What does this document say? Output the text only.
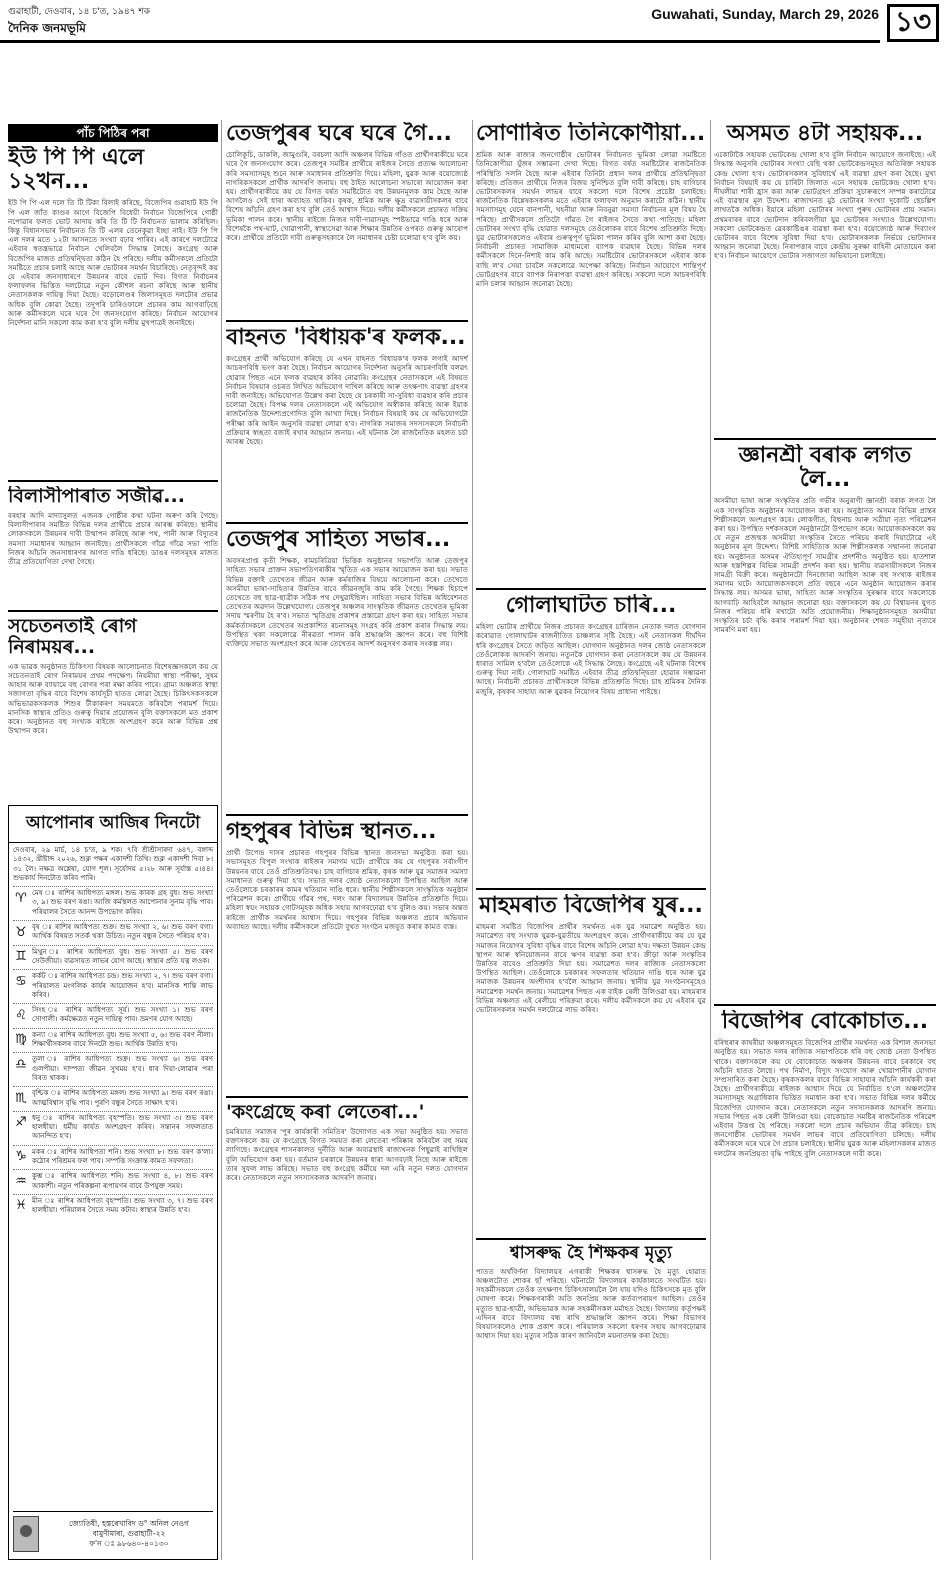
গুৱাহাটী, দেওবাৰ, ১৪ চ'ত, ১৯৪৭ শক
দৈনিক জনমভূমি
Guwahati, Sunday, March 29, 2026 ১৩
পাঁচ পিঠিৰ পৰা
ইউ পি পি এলে ১২খন...
ইউ পি পি এল দলে তি টি টিকা বিলাই কৰিছে, বিজেপিৰ গুৱাহাট ইউ পি পি এল জাঁত কাণ্ডৰ আগে বিজেপি বিধেয়ী নিৰ্বাচন বিজেপিৰে গোষ্ঠী নপোৱাৰ ফলত ভোট আদায় কৰি তি টি টি নিৰ্বাচনত ভালাম কৰিছিল। কিন্তু বিধানসভাৰ নিৰ্বাচনত তি টি এলৰ তেনেকুৱা ইচ্ছা নাই। ইউ পি পি এল দলৰ মতে ১২টা আসনতে সংখ্যা বঢ়াব পাৰিব। এই কাৰণে দলটোৱে এইবাৰ স্বতন্ত্ৰভাৱে নিৰ্বাচন খেলিবলৈ সিদ্ধান্ত লৈছে। কংগ্ৰেছ আৰু বিজেপিৰ মাজত প্ৰতিদ্বন্দ্বিতা কঠিন হৈ পৰিছে। দলীয় কৰ্মীসকলে প্ৰতিটো সমষ্টিতে প্ৰচাৰ চলাই আছে আৰু ভোটাৰৰ সমৰ্থন বিচাৰিছে। নেতৃবৃন্দই কয় যে এইবাৰ জনসাধাৰণে উন্নয়নৰ বাবে ভোট দিব। বিগত নিৰ্বাচনৰ ফলাফলৰ ভিত্তিত দলটোৱে নতুন কৌশল ৰচনা কৰিছে আৰু স্থানীয় নেতাসকলক দায়িত্ব দিয়া হৈছে। বড়োলেণ্ডৰ জিলাসমূহত দলটোৰ প্ৰভাৱ অধিক বুলি কোৱা হৈছে। তদুপৰি চাৰিওফালে প্ৰচাৰৰ কাম আগবাঢ়িছে আৰু কৰ্মীসকলে ঘৰে ঘৰে গৈ জনসংযোগ কৰিছে। নিৰ্বাচন আয়োগৰ নিৰ্দেশনা মানি সকলো কাম কৰা হ'ব বুলি দলীয় মুখপাত্ৰই জনাইছে।
বিলাসীপাৰাত সজীৱ...
বৰহাৰ আদি মাদ্যাসুলত এজনক গোষ্ঠীৰ কথা ঘটনা অৰুণ কৰি গৈছে। বিলাসীপাৰাৰ সমষ্টিত বিভিন্ন দলৰ প্ৰাৰ্থীয়ে প্ৰচাৰ আৰম্ভ কৰিছে। স্থানীয় লোকসকলে উন্নয়নৰ দাবী উত্থাপন কৰিছে আৰু পথ, পানী আৰু বিদ্যুতৰ সমস্যা সমাধানৰ আহ্বান জনাইছে। প্ৰাৰ্থীসকলে গাঁৱে গাঁৱে সভা পাতি নিজৰ আঁচনি জনসাধাৰণৰ আগত দাঙি ধৰিছে। ডাঙৰ দলসমূহৰ মাজত তীব্ৰ প্ৰতিযোগিতা দেখা গৈছে।
সচেতনতাই ৰোগ নিৰাময়ৰ...
এক ভাৱক অনুষ্ঠানত চিকিৎসা বিষয়ক আলোচনাত বিশেষজ্ঞসকলে কয় যে সচেতনতাই ৰোগ নিৰাময়ৰ প্ৰথম পদক্ষেপ। নিয়মীয়া স্বাস্থ্য পৰীক্ষা, সুষম আহাৰ আৰু ব্যায়ামে বহু ৰোগৰ পৰা ৰক্ষা কৰিব পাৰে। গ্ৰাম্য অঞ্চলত স্বাস্থ্য সজাগতা বৃদ্ধিৰ বাবে বিশেষ কাৰ্যসূচী হাতত লোৱা হৈছে। চিকিৎসকসকলে অভিভাৱকসকলক শিশুৰ টীকাকৰণ সময়মতে কৰিবলৈ পৰামৰ্শ দিয়ে। মানসিক স্বাস্থ্যৰ প্ৰতিও গুৰুত্ব দিয়াৰ প্ৰয়োজন বুলি বক্তাসকলে মত প্ৰকাশ কৰে। অনুষ্ঠানত বহু সংখ্যক ৰাইজে অংশগ্ৰহণ কৰে আৰু বিভিন্ন প্ৰশ্ন উত্থাপন কৰে।
আপোনাৰ আজিৰ দিনটো
দেওবাৰ, ২৯ মাৰ্চ, ১৪ চ'ত, ৯ শক। ৭বি শ্ৰীশ্ৰীসাৰদা ৬৪৭, বঙ্গাব্দ ১৪৩২, খ্ৰীষ্টাব্দ ২০২৬, শুক্ল পক্ষৰ একাদশী তিথি। শুক্ল একাদশী দিবা ৮।৩১ লৈ। নক্ষত্ৰ অশ্লেষা, যোগ শূল। সূৰ্যোদয় ৫।২৮ আৰু সূৰ্যাস্ত ৫।৪৪। শুভকাৰ্য দিনটোত কৰিব পাৰি।
♈ মেষ ঃ ৰাশিৰ আধিপত্য মঙ্গল। শুভ কাৰক গ্ৰহ বুধ। শুভ সংখ্যা ৩, ৯। শুভ বৰণ ৰঙা। আজি কৰ্মস্থলত আপোনাৰ সুনাম বৃদ্ধি পাব। পৰিয়ালৰ সৈতে আনন্দ উপভোগ কৰিব।
♉ বৃষ ঃ ৰাশিৰ আধিপত্য শুক্ৰ। শুভ সংখ্যা ২, ৬। শুভ বৰণ বগা। আৰ্থিক বিষয়ত সতৰ্ক থকা উচিত। নতুন বন্ধুৰ সৈতে পৰিচয় হ'ব।
♊ মিথুন ঃ ৰাশিৰ আধিপত্য বুধ। শুভ সংখ্যা ৫। শুভ বৰণ সেউজীয়া। ব্যৱসায়ত লাভৰ যোগ আছে। স্বাস্থ্যৰ প্ৰতি যত্ন লওক।
♋ কৰ্কট ঃ ৰাশিৰ আধিপত্য চন্দ্ৰ। শুভ সংখ্যা ২, ৭। শুভ বৰণ বগা। পৰিয়ালত মংগলিক কাৰ্যৰ আয়োজন হ'ব। মানসিক শান্তি লাভ কৰিব।
♌ সিংহ ঃ ৰাশিৰ আধিপত্য সূৰ্য। শুভ সংখ্যা ১। শুভ বৰণ সোণালী। কৰ্মক্ষেত্ৰত নতুন দায়িত্ব পাব। ভ্ৰমণৰ যোগ আছে।
♍ কন্যা ঃ ৰাশিৰ আধিপত্য বুধ। শুভ সংখ্যা ৫, ৬। শুভ বৰণ নীলা। শিক্ষাৰ্থীসকলৰ বাবে দিনটো শুভ। আৰ্থিক উন্নতি হ'ব।
♎ তুলা ঃ ৰাশিৰ আধিপত্য শুক্ৰ। শুভ সংখ্যা ৬। শুভ বৰণ গুলপীয়া। দাম্পত্য জীৱন সুখময় হ'ব। ধাৰ দিয়া-লোৱাৰ পৰা বিৰত থাকক।
♏ বৃশ্চিক ঃ ৰাশিৰ আধিপত্য মঙ্গল। শুভ সংখ্যা ৯। শুভ বৰণ ৰঙা। আত্মবিশ্বাস বৃদ্ধি পাব। পুৰণি বন্ধুৰ সৈতে সাক্ষাৎ হ'ব।
♐ ধনু ঃ ৰাশিৰ আধিপত্য বৃহস্পতি। শুভ সংখ্যা ৩। শুভ বৰণ হালধীয়া। ধৰ্মীয় কাৰ্যত অংশগ্ৰহণ কৰিব। সন্তানৰ সফলতাত আনন্দিত হ'ব।
♑ মকৰ ঃ ৰাশিৰ আধিপত্য শনি। শুভ সংখ্যা ৮। শুভ বৰণ ক'লা। কঠোৰ পৰিশ্ৰমৰ ফল পাব। সম্পত্তি সংক্ৰান্ত কামত সফলতা।
♒ কুম্ভ ঃ ৰাশিৰ আধিপত্য শনি। শুভ সংখ্যা ৪, ৮। শুভ বৰণ আকাশী। নতুন পৰিকল্পনা ৰূপায়ণৰ বাবে উপযুক্ত সময়।
♓ মীন ঃ ৰাশিৰ আধিপত্য বৃহস্পতি। শুভ সংখ্যা ৩, ৭। শুভ বৰণ হালধীয়া। পৰিয়ালৰ সৈতে সময় কটাব। স্বাস্থ্যৰ উন্নতি হ'ব।
জ্যোতিষী, হস্তৰেখাবিদ ড° অনিল নেওগ
বামুণীমাৰা, গুৱাহাটী-২২
ফ'ন ঃ ৯৮৬৪০-৪০১৩০
তেজপুৰৰ ঘৰে ঘৰে গৈ...
চোলিকুচি, ডাকলি, জামুগুৰি, বৰচলা আদি অঞ্চলৰ বিভিন্ন গাঁওত প্ৰাৰ্থীগৰাকীয়ে ঘৰে ঘৰে গৈ জনসংযোগ কৰে। তেজপুৰ সমষ্টিৰ প্ৰাৰ্থীয়ে ৰাইজৰ সৈতে প্ৰত্যক্ষ আলোচনা কৰি সমস্যাসমূহ শুনে আৰু সমাধানৰ প্ৰতিশ্ৰুতি দিয়ে। মহিলা, যুৱক আৰু বয়োজ্যেষ্ঠ নাগৰিকসকলে প্ৰাৰ্থীক আদৰণি জনায়। বহু ঠাইত আলোচনা সভাৰো আয়োজন কৰা হয়। প্ৰাৰ্থীগৰাকীয়ে কয় যে বিগত বৰ্ষত সমষ্টিটোত বহু উন্নয়নমূলক কাম হৈছে আৰু আগলৈও সেই ধাৰা অব্যাহত থাকিব। কৃষক, শ্ৰমিক আৰু ক্ষুদ্ৰ ব্যৱসায়ীসকলৰ বাবে বিশেষ আঁচনি গ্ৰহণ কৰা হ'ব বুলি তেওঁ আশ্বাস দিয়ে। দলীয় কৰ্মীসকলে প্ৰচাৰত সক্ৰিয় ভূমিকা পালন কৰে। স্থানীয় ৰাইজে নিজৰ দাবী-দাৱাসমূহ স্পষ্টভাৱে দাঙি ধৰে আৰু বিশেষকৈ পথ-ঘাট, খোৱাপানী, স্বাস্থ্যসেৱা আৰু শিক্ষাৰ উন্নতিৰ ওপৰত গুৰুত্ব আৰোপ কৰে। প্ৰাৰ্থীয়ে প্ৰতিটো দাবী গুৰুত্বসহকাৰে লৈ সমাধানৰ চেষ্টা চলোৱা হ'ব বুলি কয়।
বাহনত 'বিধায়ক'ৰ ফলক...
কংগ্ৰেছৰ প্ৰাৰ্থী অভিযোগ কৰিছে যে এখন বাহনত 'বিধায়ক'ৰ ফলক লগাই আদৰ্শ আচৰণবিধি ভংগ কৰা হৈছে। নিৰ্বাচন আয়োগৰ নিৰ্দেশনা অনুসৰি আচৰণবিধি বলৱৎ হোৱাৰ পিছত এনে ফলক ব্যৱহাৰ কৰিব নোৱাৰি। কংগ্ৰেছৰ নেতাসকলে এই বিষয়ত নিৰ্বাচন বিষয়াৰ ওচৰত লিখিত অভিযোগ দাখিল কৰিছে আৰু তৎক্ষণাৎ ব্যৱস্থা গ্ৰহণৰ দাবী জনাইছে। অভিযোগত উল্লেখ কৰা হৈছে যে চৰকাৰী সা-সুবিধা ব্যৱহাৰ কৰি প্ৰচাৰ চলোৱা হৈছে। বিপক্ষ দলৰ নেতাসকলে এই অভিযোগ অস্বীকাৰ কৰিছে আৰু ইয়াক ৰাজনৈতিক উদ্দেশ্যপ্ৰণোদিত বুলি আখ্যা দিছে। নিৰ্বাচন বিষয়াই কয় যে অভিযোগটো পৰীক্ষা কৰি আইন অনুসৰি ব্যৱস্থা লোৱা হ'ব। নাগৰিক সমাজৰ সদস্যসকলে নিৰ্বাচনী প্ৰক্ৰিয়াৰ স্বচ্ছতা বজাই ৰখাৰ আহ্বান জনায়। এই ঘটনাক লৈ ৰাজনৈতিক মহলত চৰ্চা আৰম্ভ হৈছে।
তেজপুৰ সাহিত্য সভাৰ...
অবসৰপ্ৰাপ্ত কৃতী শিক্ষক, ৰামচৰিত্ৰিয়া ভিত্তিক অনুষ্ঠানৰ সভাপতি আৰু তেজপুৰ সাহিত্য সভাৰ প্ৰাক্তন সভাপতিগৰাকীৰ স্মৃতিত এক সভাৰ আয়োজন কৰা হয়। সভাত বিভিন্ন বক্তাই তেখেতৰ জীৱন আৰু কৰ্মৰাজিৰ বিষয়ে আলোচনা কৰে। তেখেতে অসমীয়া ভাষা-সাহিত্যৰ উন্নতিৰ বাবে জীৱনজুৰি কাম কৰি গৈছে। শিক্ষক হিচাপে তেখেতে বহু ছাত্ৰ-ছাত্ৰীক সঠিক পথ দেখুৱাইছিল। সাহিত্য সভাৰ বিভিন্ন অধিবেশনত তেখেতৰ অৱদান উল্লেখযোগ্য। তেজপুৰ অঞ্চলৰ সাংস্কৃতিক জীৱনত তেখেতৰ ভূমিকা সদায় স্মৰণীয় হৈ ৰ'ব। সভাত স্মৃতিগ্ৰন্থ প্ৰকাশৰ প্ৰস্তাৱো গ্ৰহণ কৰা হয়। সাহিত্য সভাৰ কৰ্মকৰ্তাসকলে তেখেতৰ অপ্ৰকাশিত ৰচনাসমূহ সংগ্ৰহ কৰি প্ৰকাশ কৰাৰ সিদ্ধান্ত লয়। উপস্থিত থকা সকলোৱে নীৰৱতা পালন কৰি শ্ৰদ্ধাঞ্জলি জ্ঞাপন কৰে। বহু বিশিষ্ট ব্যক্তিয়ে সভাত অংশগ্ৰহণ কৰে আৰু তেখেতৰ আদৰ্শ অনুসৰণ কৰাৰ সংকল্প লয়।
গহপুৰৰ বিভিন্ন স্থানত...
প্ৰাৰ্থী উপেন্দ্ৰ দাসৰ প্ৰচাৰত গহপুৰৰ বিভিন্ন স্থানত জনসভা অনুষ্ঠিত কৰা হয়। সভাসমূহত বিপুল সংখ্যক ৰাইজৰ সমাগম ঘটে। প্ৰাৰ্থীয়ে কয় যে গহপুৰৰ সৰ্বাংগীণ উন্নয়নৰ বাবে তেওঁ প্ৰতিশ্ৰুতিবদ্ধ। চাহ বাগিচাৰ শ্ৰমিক, কৃষক আৰু যুৱ সমাজৰ সমস্যা সমাধানত গুৰুত্ব দিয়া হ'ব। সভাত দলৰ জ্যেষ্ঠ নেতাসকলো উপস্থিত আছিল আৰু তেওঁলোকে চৰকাৰৰ কামৰ খতিয়ান দাঙি ধৰে। স্থানীয় শিল্পীসকলে সাংস্কৃতিক অনুষ্ঠান পৰিৱেশন কৰে। প্ৰাৰ্থীয়ে গাঁৱৰ পথ, দলং আৰু বিদ্যালয়ৰ উন্নতিৰ প্ৰতিশ্ৰুতি দিয়ে। মহিলা স্বয়ং সহায়ক গোটসমূহক অধিক সহায় আগবঢ়োৱা হ'ব বুলিও কয়। সভাৰ অন্তত ৰাইজে প্ৰাৰ্থীক সমৰ্থনৰ আশ্বাস দিয়ে। গহপুৰৰ বিভিন্ন অঞ্চলত প্ৰচাৰ অভিযান অব্যাহত আছে। দলীয় কৰ্মীসকলে প্ৰতিটো বুথত সংগঠন মজবুত কৰাৰ কামত ব্যস্ত।
'কংগ্ৰেছে কৰা লেতেৰা...'
চমৰিয়াত সমাজৰ 'পুৰ কাৰ্যকাৰী সমিতিৰ' উদ্যোগত এক সভা অনুষ্ঠিত হয়। সভাত বক্তাসকলে কয় যে কংগ্ৰেছে বিগত সময়ত কৰা লেতেৰা পৰিষ্কাৰ কৰিবলৈ বহু সময় লাগিছে। কংগ্ৰেছৰ শাসনকালত দুৰ্নীতি আৰু অব্যৱস্থাই ৰাজ্যখনক পিছুৱাই ৰাখিছিল বুলি অভিযোগ কৰা হয়। বৰ্তমান চৰকাৰে উন্নয়নৰ ধাৰা আগবঢ়াই নিছে আৰু ৰাইজে তাৰ সুফল লাভ কৰিছে। সভাত বহু কংগ্ৰেছ কৰ্মীয়ে দল এৰি নতুন দলত যোগদান কৰে। নেতাসকলে নতুন সদস্যসকলক আদৰণি জনায়।
সোণাৰিত তিনিকোণীয়া...
শ্ৰমিক আৰু ৰাজ্যৰ জনগোষ্ঠীৰ ভোটাৰৰ নিৰ্বাচনত ভূমিকা লোৱা সমষ্টিতে তিনিকোণীয়া যুঁজৰ সম্ভাৱনা দেখা দিছে। বিগত বৰ্ষত সমষ্টিটোৰ ৰাজনৈতিক পৰিস্থিতি সলনি হৈছে আৰু এইবাৰ তিনিটা প্ৰধান দলৰ প্ৰাৰ্থীয়ে প্ৰতিদ্বন্দ্বিতা কৰিছে। প্ৰতিজন প্ৰাৰ্থীয়ে নিজৰ বিজয় সুনিশ্চিত বুলি দাবী কৰিছে। চাহ বাগিচাৰ ভোটাৰসকলৰ সমৰ্থন লাভৰ বাবে সকলো দলে বিশেষ প্ৰচেষ্টা চলাইছে। ৰাজনৈতিক বিশ্লেষকসকলৰ মতে এইবাৰ ফলাফল অনুমান কৰাটো কঠিন। স্থানীয় সমস্যাসমূহ যেনে বানপানী, খহনীয়া আৰু নিবনুৱা সমস্যা নিৰ্বাচনৰ মূল বিষয় হৈ পৰিছে। প্ৰাৰ্থীসকলে প্ৰতিটো গাঁৱত গৈ ৰাইজৰ সৈতে কথা পাতিছে। মহিলা ভোটাৰৰ সংখ্যা বৃদ্ধি হোৱাত দলসমূহে তেওঁলোকৰ বাবে বিশেষ প্ৰতিশ্ৰুতি দিছে। যুৱ ভোটাৰসকলেও এইবাৰ গুৰুত্বপূৰ্ণ ভূমিকা পালন কৰিব বুলি আশা কৰা হৈছে। নিৰ্বাচনী প্ৰচাৰত সামাজিক মাধ্যমৰো ব্যাপক ব্যৱহাৰ হৈছে। বিভিন্ন দলৰ কৰ্মীসকলে দিনে-নিশাই কাম কৰি আছে। সমষ্টিটোৰ ভোটাৰসকলে এইবাৰ কাক বাছি ল'ব সেয়া চাবলৈ সকলোৱে অপেক্ষা কৰিছে। নিৰ্বাচন আয়োগে শান্তিপূৰ্ণ ভোটগ্ৰহণৰ বাবে ব্যাপক নিৰাপত্তা ব্যৱস্থা গ্ৰহণ কৰিছে। সকলো দলে আচৰণবিধি মানি চলাৰ আহ্বান জনোৱা হৈছে।
গোলাঘাটত চাৰি...
মহিলা ভোটাৰ প্ৰাৰ্থীয়ে নিজৰ প্ৰচাৰত কংগ্ৰেছৰ চাৰিজন নেতাক দলত যোগদান কৰোৱাত গোলাঘাটৰ ৰাজনীতিত চাঞ্চল্যৰ সৃষ্টি হৈছে। এই নেতাসকল দীৰ্ঘদিন ধৰি কংগ্ৰেছৰ সৈতে জড়িত আছিল। যোগদান অনুষ্ঠানত দলৰ জ্যেষ্ঠ নেতাসকলে তেওঁলোকক আদৰণি জনায়। নতুনকৈ যোগদান কৰা নেতাসকলে কয় যে উন্নয়নৰ ধাৰাত সামিল হ'বলৈ তেওঁলোকে এই সিদ্ধান্ত লৈছে। কংগ্ৰেছে এই ঘটনাক বিশেষ গুৰুত্ব দিয়া নাই। গোলাঘাট সমষ্টিত এইবাৰ তীব্ৰ প্ৰতিদ্বন্দ্বিতা হোৱাৰ সম্ভাৱনা আছে। নিৰ্বাচনী প্ৰচাৰত প্ৰাৰ্থীসকলে বিভিন্ন প্ৰতিশ্ৰুতি দিছে। চাহ শ্ৰমিকৰ দৈনিক মজুৰি, কৃষকৰ সাহায্য আৰু যুৱকৰ নিয়োগৰ বিষয় প্ৰাধান্য পাইছে।
মাহমৰাত বিজেপিৰ যুৰ...
মাহমৰা সমষ্টিত বিজেপিৰ প্ৰাৰ্থীৰ সমৰ্থনত এক যুৱ সমাৱেশ অনুষ্ঠিত হয়। সমাৱেশত বহু সংখ্যক যুৱক-যুৱতীয়ে অংশগ্ৰহণ কৰে। প্ৰাৰ্থীগৰাকীয়ে কয় যে যুৱ সমাজৰ নিয়োগৰ সুবিধা বৃদ্ধিৰ বাবে বিশেষ আঁচনি লোৱা হ'ব। দক্ষতা উন্নয়ন কেন্দ্ৰ স্থাপন আৰু স্বনিয়োজনৰ বাবে ঋণৰ ব্যৱস্থা কৰা হ'ব। ক্ৰীড়া আৰু সংস্কৃতিৰ উন্নতিৰ বাবেও প্ৰতিশ্ৰুতি দিয়া হয়। সমাৱেশত দলৰ ৰাজ্যিক নেতাসকলো উপস্থিত আছিল। তেওঁলোকে চৰকাৰৰ সফলতাৰ খতিয়ান দাঙি ধৰে আৰু যুৱ সমাজক উন্নয়নৰ অংশীদাৰ হ'বলৈ আহ্বান জনায়। স্থানীয় যুৱ সংগঠনসমূহেও সমাৱেশক সমৰ্থন জনায়। সমাৱেশৰ পিছত এক বাইক ৰেলী উলিওৱা হয়। মাহমৰাৰ বিভিন্ন অঞ্চলত এই ৰেলীয়ে পৰিক্ৰমা কৰে। দলীয় কৰ্মীসকলে কয় যে এইবাৰ যুৱ ভোটাৰসকলৰ সমৰ্থন দলটোৱে লাভ কৰিব।
শ্বাসৰুদ্ধ হৈ শিক্ষকৰ মৃত্যু
পাতত অৰ্থবিৰ্ণনা বিদ্যালয়ৰ এগৰাকী শিক্ষকৰ শ্বাসৰুদ্ধ হৈ মৃত্যু হোৱাত অঞ্চলটোত শোকৰ ছাঁ পৰিছে। ঘটনাটো বিদ্যালয়ৰ কাৰ্যকালতে সংঘটিত হয়। সহকৰ্মীসকলে তেওঁক তৎক্ষণাৎ চিকিৎসালয়লৈ লৈ যায় যদিও চিকিৎসকে মৃত বুলি ঘোষণা কৰে। শিক্ষকগৰাকী অতি জনপ্ৰিয় আৰু কৰ্তব্যপৰায়ণ আছিল। তেওঁৰ মৃত্যুত ছাত্ৰ-ছাত্ৰী, অভিভাৱক আৰু সহকৰ্মীসকল মৰ্মাহত হৈছে। বিদ্যালয় কৰ্তৃপক্ষই এদিনৰ বাবে বিদ্যালয় বন্ধ ৰাখি শ্ৰদ্ধাঞ্জলি জ্ঞাপন কৰে। শিক্ষা বিভাগৰ বিষয়াসকলেও শোক প্ৰকাশ কৰে। পৰিয়ালক সকলো ধৰণৰ সহায় আগবঢ়োৱাৰ আশ্বাস দিয়া হয়। মৃত্যুৰ সঠিক কাৰণ জানিবলৈ ময়নাতদন্ত কৰা হৈছে।
অসমত ৪টা সহায়ক...
একোটাকৈ সহায়ক ভোটকেন্দ্ৰ খোলা হ'ব বুলি নিৰ্বাচন আয়োগে জনাইছে। এই সিদ্ধান্ত অনুসৰি ভোটাৰৰ সংখ্যা বেছি থকা ভোটকেন্দ্ৰসমূহত অতিৰিক্ত সহায়ক কেন্দ্ৰ খোলা হ'ব। ভোটাৰসকলৰ সুবিধাৰ্থে এই ব্যৱস্থা গ্ৰহণ কৰা হৈছে। মুখ্য নিৰ্বাচন বিষয়াই কয় যে চাৰিটা জিলাত এনে সহায়ক ভোটকেন্দ্ৰ খোলা হ'ব। দীঘলীয়া শাৰী হ্ৰাস কৰা আৰু ভোটগ্ৰহণ প্ৰক্ৰিয়া সুচাৰুৰূপে সম্পন্ন কৰাটোৱে এই ব্যৱস্থাৰ মূল উদ্দেশ্য। ৰাজ্যখনত মুঠ ভোটাৰৰ সংখ্যা দুকোটি ছেচল্লিশ লাখতকৈ অধিক। ইয়াৰে মহিলা ভোটাৰৰ সংখ্যা পুৰুষ ভোটাৰৰ প্ৰায় সমান। প্ৰথমবাৰৰ বাবে ভোটদান কৰিবলগীয়া যুৱ ভোটাৰৰ সংখ্যাও উল্লেখযোগ্য। সকলো ভোটকেন্দ্ৰত ৱেবকাষ্টিঙৰ ব্যৱস্থা কৰা হ'ব। বয়োজ্যেষ্ঠ আৰু দিব্যাংগ ভোটাৰৰ বাবে বিশেষ সুবিধা দিয়া হ'ব। ভোটাৰসকলক নিৰ্ভয়ে ভোটদানৰ আহ্বান জনোৱা হৈছে। নিৰাপত্তাৰ বাবে কেন্দ্ৰীয় সুৰক্ষা বাহিনী মোতায়েন কৰা হ'ব। নিৰ্বাচন আয়োগে ভোটাৰ সজাগতা অভিযানো চলাইছে।
জ্ঞানশ্ৰী বৰাক লগত লৈ...
অসমীয়া ভাষা আৰু সংস্কৃতিৰ প্ৰতি গভীৰ অনুৰাগী জ্ঞানশ্ৰী বৰাক লগত লৈ এক সাংস্কৃতিক অনুষ্ঠানৰ আয়োজন কৰা হয়। অনুষ্ঠানত অসমৰ বিভিন্ন প্ৰান্তৰ শিল্পীসকলে অংশগ্ৰহণ কৰে। লোকগীত, বিহুনাচ আৰু সত্ৰীয়া নৃত্য পৰিৱেশন কৰা হয়। উপস্থিত দৰ্শকসকলে অনুষ্ঠানটো উপভোগ কৰে। আয়োজকসকলে কয় যে নতুন প্ৰজন্মক অসমীয়া সংস্কৃতিৰ সৈতে পৰিচয় কৰাই দিয়াটোৱে এই অনুষ্ঠানৰ মূল উদ্দেশ্য। বিশিষ্ট সাহিত্যিক আৰু শিল্পীসকলক সন্মাননা জনোৱা হয়। অনুষ্ঠানত অসমৰ ঐতিহ্যপূৰ্ণ সামগ্ৰীৰ প্ৰদৰ্শনীও অনুষ্ঠিত হয়। হাতশাল আৰু হস্তশিল্পৰ বিভিন্ন সামগ্ৰী প্ৰদৰ্শন কৰা হয়। স্থানীয় ব্যৱসায়ীসকলে নিজৰ সামগ্ৰী বিক্ৰী কৰে। অনুষ্ঠানটো দিনজোৰা আছিল আৰু বহু সংখ্যক ৰাইজৰ সমাগম ঘটে। আয়োজকসকলে প্ৰতি বছৰে এনে অনুষ্ঠান আয়োজন কৰাৰ সিদ্ধান্ত লয়। অসমৰ ভাষা, সাহিত্য আৰু সংস্কৃতিৰ সুৰক্ষাৰ বাবে সকলোকে আগবাঢ়ি আহিবলৈ আহ্বান জনোৱা হয়। বক্তাসকলে কয় যে বিশ্বায়নৰ যুগত নিজৰ পৰিচয় ধৰি ৰখাটো অতি প্ৰয়োজনীয়। শিক্ষানুষ্ঠানসমূহত অসমীয়া সংস্কৃতিৰ চৰ্চা বৃদ্ধি কৰাৰ পৰামৰ্শ দিয়া হয়। অনুষ্ঠানৰ শেষত সমূহীয়া নৃত্যৰে সামৰণি মৰা হয়।
বিজেপিৰ বোকোচাত...
বৰিহুৰাৰ কাষৰীয়া অঞ্চলসমূহত বিজেপিৰ প্ৰাৰ্থীৰ সমৰ্থনত এক বিশাল জনসভা অনুষ্ঠিত হয়। সভাত দলৰ ৰাজ্যিক সভাপতিকে ধৰি বহু জ্যেষ্ঠ নেতা উপস্থিত থাকে। বক্তাসকলে কয় যে বোকোচাত অঞ্চলৰ উন্নয়নৰ বাবে চৰকাৰে বহু আঁচনি হাতত লৈছে। পথ নিৰ্মাণ, বিদ্যুৎ সংযোগ আৰু খোৱাপানীৰ যোগান সম্প্ৰসাৰিত কৰা হৈছে। কৃষকসকলৰ বাবে বিভিন্ন সাহায্যৰ আঁচনি কাৰ্যকৰী কৰা হৈছে। প্ৰাৰ্থীগৰাকীয়ে ৰাইজক আশ্বাস দিয়ে যে নিৰ্বাচিত হ'লে অঞ্চলটোৰ সমস্যাসমূহ অগ্ৰাধিকাৰ ভিত্তিত সমাধান কৰা হ'ব। সভাত বিভিন্ন দলৰ কৰ্মীয়ে বিজেপিত যোগদান কৰে। নেতাসকলে নতুন সদস্যসকলক আদৰণি জনায়। সভাৰ পিছত এক ৰেলী উলিওৱা হয়। বোকোচাত সমষ্টিৰ ৰাজনৈতিক পৰিৱেশ এইবাৰ উত্তপ্ত হৈ পৰিছে। সকলো দলে প্ৰচাৰ অভিযান তীব্ৰ কৰিছে। চাহ জনগোষ্ঠীৰ ভোটাৰৰ সমৰ্থন লাভৰ বাবে প্ৰতিযোগিতা চলিছে। দলীয় কৰ্মীসকলে ঘৰে ঘৰে গৈ প্ৰচাৰ চলাইছে। স্থানীয় যুৱক আৰু মহিলাসকলৰ মাজত দলটোৰ জনপ্ৰিয়তা বৃদ্ধি পাইছে বুলি নেতাসকলে দাবী কৰে।
